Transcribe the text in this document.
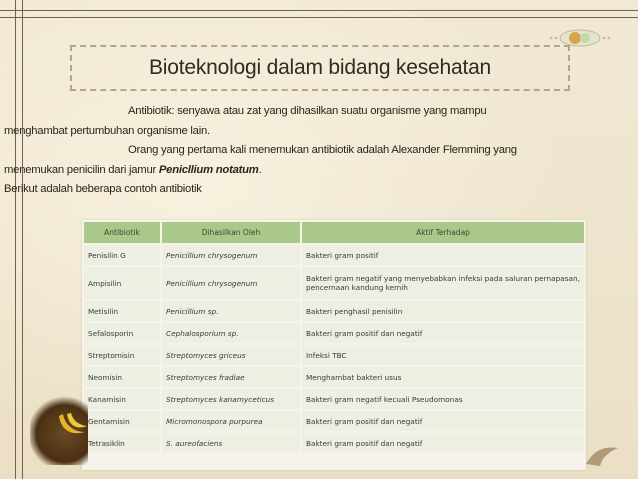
Bioteknologi dalam bidang kesehatan
Antibiotik: senyawa atau zat yang dihasilkan suatu organisme yang mampu
menghambat pertumbuhan organisme lain.
Orang yang pertama kali menemukan antibiotik adalah Alexander Flemming yang
menemukan penicilin dari jamur Penicllium notatum.
Berikut adalah beberapa contoh antibiotik
Antibiotik	Dihasilkan Oleh	Aktif Terhadap
Penisilin G	Penicillium chrysogenum	Bakteri gram positif
Ampisilin	Penicillium chrysogenum	Bakteri gram negatif yang menyebabkan infeksi pada saluran pernapasan, pencernaan kandung kemih
Metisilin	Penicillium sp.	Bakteri penghasil penisilin
Sefalosporin	Cephalosporium sp.	Bakteri gram positif dan negatif
Streptomisin	Streptomyces griceus	Infeksi TBC
Neomisin	Streptomyces fradiae	Menghambat bakteri usus
Kanamisin	Streptomyces kanamyceticus	Bakteri gram negatif kecuali Pseudomonas
Gentamisin	Micromonospora purpurea	Bakteri gram positif dan negatif
Tetrasiklin	S. aureofaciens	Bakteri gram positif dan negatif
